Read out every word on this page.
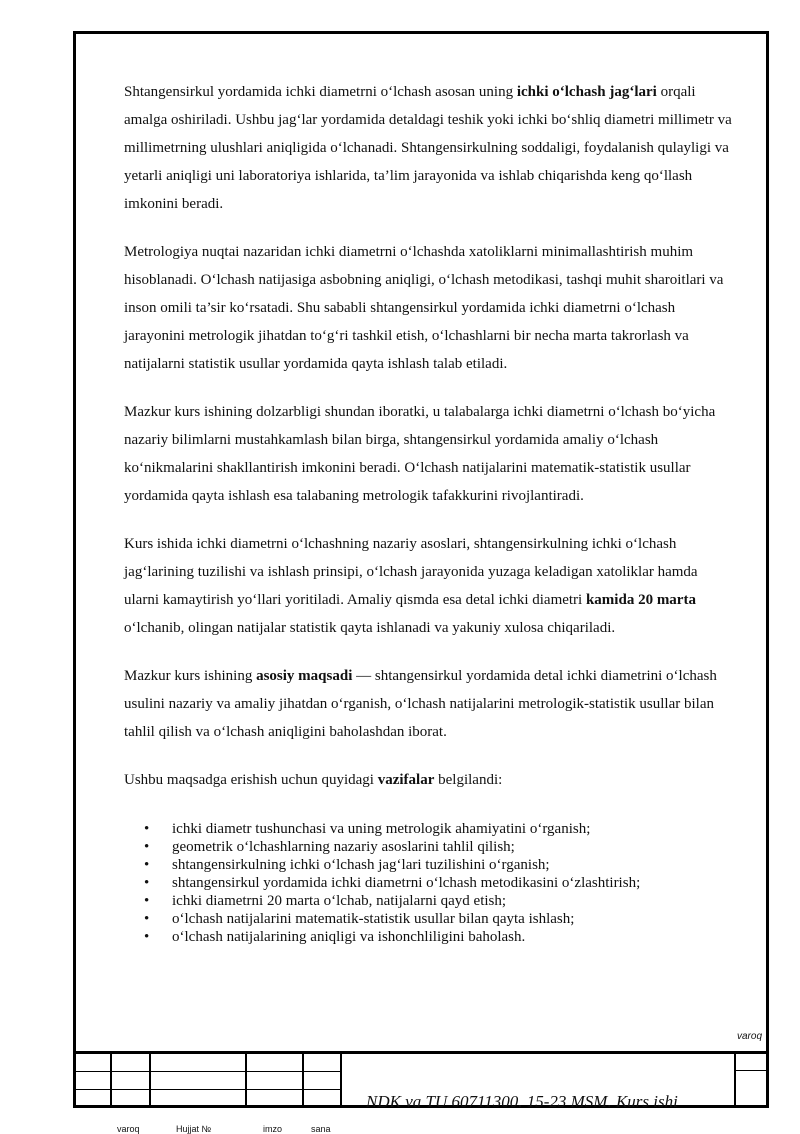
Shtangensirkul yordamida ichki diametrni o‘lchash asosan uning ichki o‘lchash jag‘lari orqali amalga oshiriladi. Ushbu jag‘lar yordamida detaldagi teshik yoki ichki bo‘shliq diametri millimetr va millimetrning ulushlari aniqligida o‘lchanadi. Shtangensirkulning soddaligi, foydalanish qulayligi va yetarli aniqligi uni laboratoriya ishlarida, ta’lim jarayonida va ishlab chiqarishda keng qo‘llash imkonini beradi.

Metrologiya nuqtai nazaridan ichki diametrni o‘lchashda xatoliklarni minimallashtirish muhim hisoblanadi. O‘lchash natijasiga asbobning aniqligi, o‘lchash metodikasi, tashqi muhit sharoitlari va inson omili ta’sir ko‘rsatadi. Shu sababli shtangensirkul yordamida ichki diametrni o‘lchash jarayonini metrologik jihatdan to‘g‘ri tashkil etish, o‘lchashlarni bir necha marta takrorlash va natijalarni statistik usullar yordamida qayta ishlash talab etiladi.

Mazkur kurs ishining dolzarbligi shundan iboratki, u talabalarga ichki diametrni o‘lchash bo‘yicha nazariy bilimlarni mustahkamlash bilan birga, shtangensirkul yordamida amaliy o‘lchash ko‘nikmalarini shakllantirish imkonini beradi. O‘lchash natijalarini matematik-statistik usullar yordamida qayta ishlash esa talabaning metrologik tafakkurini rivojlantiradi.

Kurs ishida ichki diametrni o‘lchashning nazariy asoslari, shtangensirkulning ichki o‘lchash jag‘larining tuzilishi va ishlash prinsipi, o‘lchash jarayonida yuzaga keladigan xatoliklar hamda ularni kamaytirish yo‘llari yoritiladi. Amaliy qismda esa detal ichki diametri kamida 20 marta o‘lchanib, olingan natijalar statistik qayta ishlanadi va yakuniy xulosa chiqariladi.

Mazkur kurs ishining asosiy maqsadi — shtangensirkul yordamida detal ichki diametrini o‘lchash usulini nazariy va amaliy jihatdan o‘rganish, o‘lchash natijalarini metrologik-statistik usullar bilan tahlil qilish va o‘lchash aniqligini baholashdan iborat.

Ushbu maqsadga erishish uchun quyidagi vazifalar belgilandi:

• ichki diametr tushunchasi va uning metrologik ahamiyatini o‘rganish;
• geometrik o‘lchashlarning nazariy asoslarini tahlil qilish;
• shtangensirkulning ichki o‘lchash jag‘lari tuzilishini o‘rganish;
• shtangensirkul yordamida ichki diametrni o‘lchash metodikasini o‘zlashtirish;
• ichki diametrni 20 marta o‘lchab, natijalarni qayd etish;
• o‘lchash natijalarini matematik-statistik usullar bilan qayta ishlash;
• o‘lchash natijalarining aniqligi va ishonchliligini baholash.
varoq
NDK va TU 60711300. 15-23 MSM. Kurs ishi
varoq	Hujjat №	imzo	sana
